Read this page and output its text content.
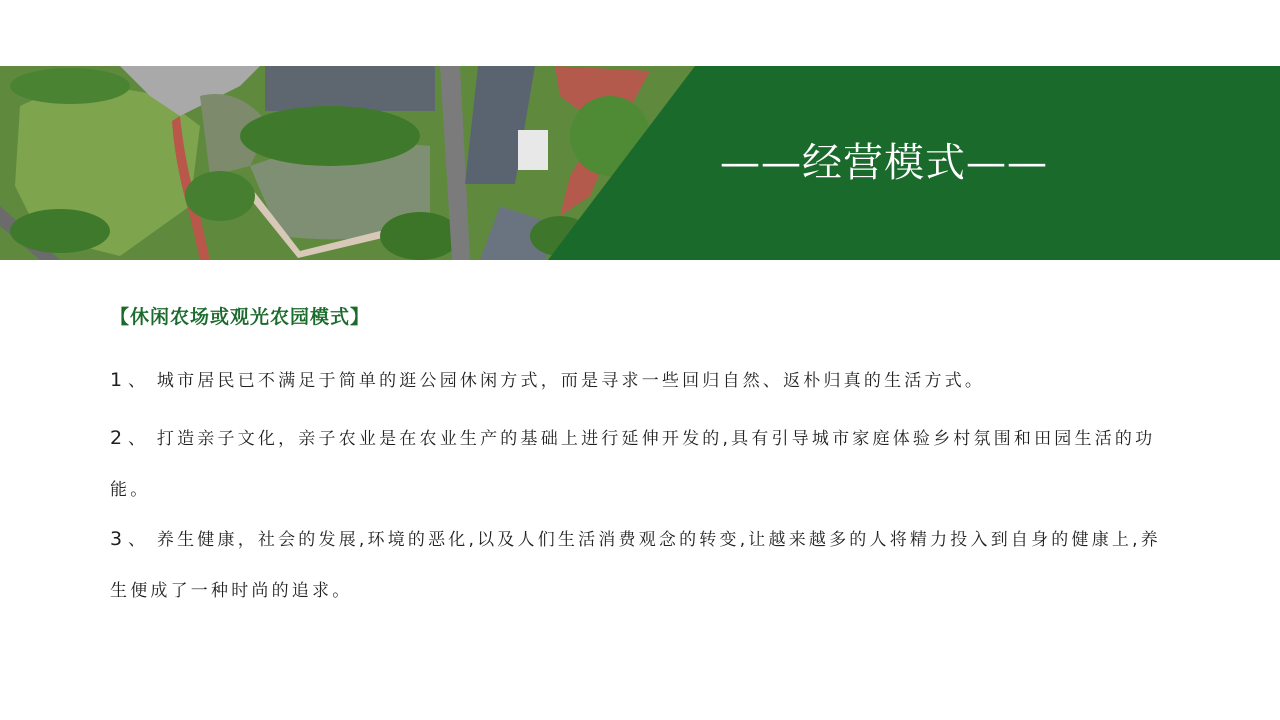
——经营模式——
【休闲农场或观光农园模式】
1 、 城市居民已不满足于简单的逛公园休闲方式，而是寻求一些回归自然、返朴归真的生活方式。
2 、 打造亲子文化，亲子农业是在农业生产的基础上进行延伸开发的,具有引导城市家庭体验乡村氛围和田园生活的功能。
3 、 养生健康，社会的发展,环境的恶化,以及人们生活消费观念的转变,让越来越多的人将精力投入到自身的健康上,养生便成了一种时尚的追求。
